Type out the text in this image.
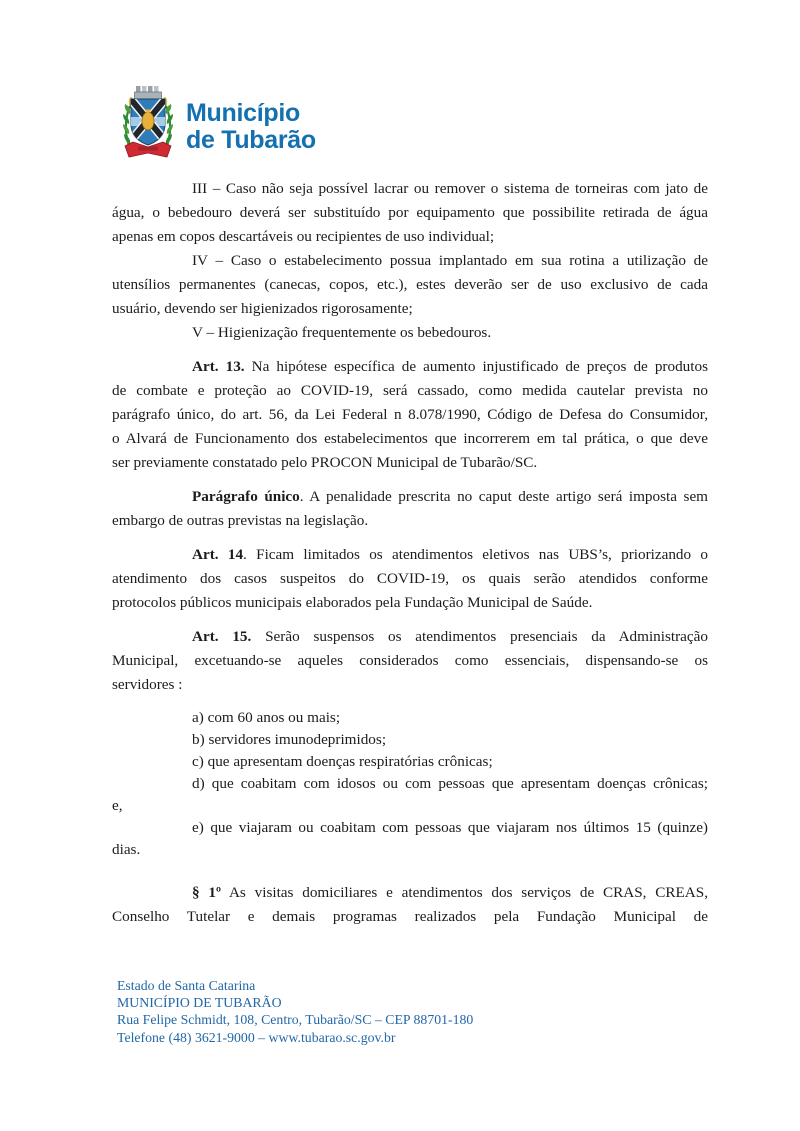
Município
de Tubarão
III – Caso não seja possível lacrar ou remover o sistema de torneiras com jato de
água, o bebedouro deverá ser substituído por equipamento que possibilite retirada de água
apenas em copos descartáveis ou recipientes de uso individual;
IV – Caso o estabelecimento possua implantado em sua rotina a utilização de
utensílios permanentes (canecas, copos, etc.), estes deverão ser de uso exclusivo de cada
usuário, devendo ser higienizados rigorosamente;
V – Higienização frequentemente os bebedouros.
Art. 13. Na hipótese específica de aumento injustificado de preços de produtos
de combate e proteção ao COVID-19, será cassado, como medida cautelar prevista no
parágrafo único, do art. 56, da Lei Federal n 8.078/1990, Código de Defesa do Consumidor,
o Alvará de Funcionamento dos estabelecimentos que incorrerem em tal prática, o que deve
ser previamente constatado pelo PROCON Municipal de Tubarão/SC.
Parágrafo único. A penalidade prescrita no caput deste artigo será imposta sem
embargo de outras previstas na legislação.
Art. 14. Ficam limitados os atendimentos eletivos nas UBS’s, priorizando o
atendimento dos casos suspeitos do COVID-19, os quais serão atendidos conforme
protocolos públicos municipais elaborados pela Fundação Municipal de Saúde.
Art. 15. Serão suspensos os atendimentos presenciais da Administração
Municipal, excetuando-se aqueles considerados como essenciais, dispensando-se os
servidores :
a) com 60 anos ou mais;
b) servidores imunodeprimidos;
c) que apresentam doenças respiratórias crônicas;
d) que coabitam com idosos ou com pessoas que apresentam doenças crônicas;
e,
e) que viajaram ou coabitam com pessoas que viajaram nos últimos 15 (quinze)
dias.
§ 1º As visitas domiciliares e atendimentos dos serviços de CRAS, CREAS,
Conselho Tutelar e demais programas realizados pela Fundação Municipal de
Estado de Santa Catarina
MUNICÍPIO DE TUBARÃO
Rua Felipe Schmidt, 108, Centro, Tubarão/SC – CEP 88701-180
Telefone (48) 3621-9000 – www.tubarao.sc.gov.br
